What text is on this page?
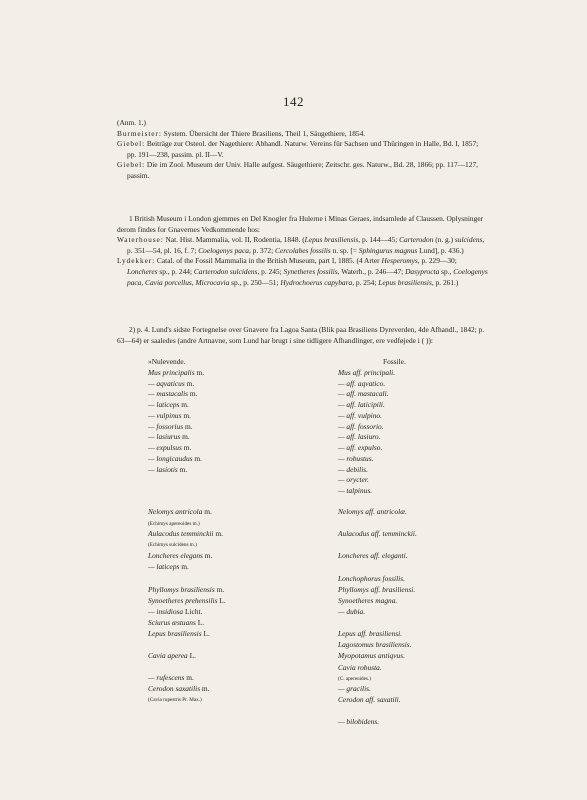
142

(Anm. 1.)

Burmeister: System. Übersicht der Thiere Brasiliens, Theil 1, Säugethiere, 1854.

Giebel: Beiträge zur Osteol. der Nagethiere: Abhandl. Naturw. Vereins für Sachsen und Thüringen in Halle, Bd. I, 1857; pp. 191—238, passim. pl. II—V.

Giebel: Die im Zool. Museum der Univ. Halle aufgest. Säugethiere; Zeitschr. ges. Naturw., Bd. 28, 1866; pp. 117—127, passim.

1 British Museum i London gjemmes en Del Knogler fra Hulerne i Minas Geraes, indsamlede af Claussen. Oplysninger derom findes for Gnavernes Vedkommende hos:

Waterhouse: Nat. Hist. Mammalia, vol. II, Rodentia, 1848. (Lepus brasiliensis, p. 144—45; Carterodon (n. g.) sulcidens, p. 351—54, pl. 16, f. 7; Coelogenys paca, p. 372; Cercolabes fossilis n. sp. [= Sphingurus magnus Lund], p. 436.)

Lydekker: Catal. of the Fossil Mammalia in the British Museum, part I, 1885. (4 Arter Hesperomys, p. 229—30; Loncheres sp., p. 244; Carterodon sulcidens, p. 245; Synetheres fossilis, Waterh., p. 246—47; Dasyprocta sp., Coelogenys paca, Cavia porcellus, Microcavia sp., p. 250—51; Hydrochoerus capybara, p. 254; Lepus brasiliensis, p. 261.)

2) p. 4. Lund's sidste Fortegnelse over Gnavere fra Lagoa Santa (Blik paa Brasiliens Dyreverden, 4de Afhandl., 1842; p. 63—64) er saaledes (andre Artnavne, som Lund har brugt i sine tidligere Afhandlinger, ere vedføjede i ( )):

»Nulevende.
Mus principalis m.
— aqvaticus m.
— mastacalis m.
— laticeps m.
— vulpinus m.
— fossorius m.
— lasiurus m.
— expulsus m.
— longicaudus m.
— lasiotis m.
Nelomys antricola m.
(Echimys apereoides m.)
Aulacodus temminckii m.
(Echimys sulcidens m.)
Loncheres elegans m.
— laticeps m.
Phyllomys brasiliensis m.
Synoetheres prehensilis L.
— insidiosa Licht.
Sciurus æstuans L.
Lepus brasiliensis L.
Cavia aperea L.
— rufescens m.
Cerodon saxatilis m.
(Cavia rupestris Pr. Max.)
Fossile.
Mus aff. principali.
— aff. aqvatico.
— aff. mastacali.
— aff. laticipili.
— aff. vulpino.
— aff. fossorio.
— aff. lasiuro.
— aff. expulso.
— robustus.
— debilis.
— orycter.
— talpinus.
Nelomys aff. antricolæ.
Aulacodus aff. temminckii.
Loncheres aff. eleganti.
Lonchophorus fossilis.
Phyllomys aff. brasiliensi.
Synoetheres magna.
— dubia.
Lepus aff. brasiliensi.
Lagostomus brasiliensis.
Myopotamus antiqvus.
Cavia robusta.
(C. apereoides.)
— gracilis.
Cerodon aff. saxatili.
— bilobidens.
